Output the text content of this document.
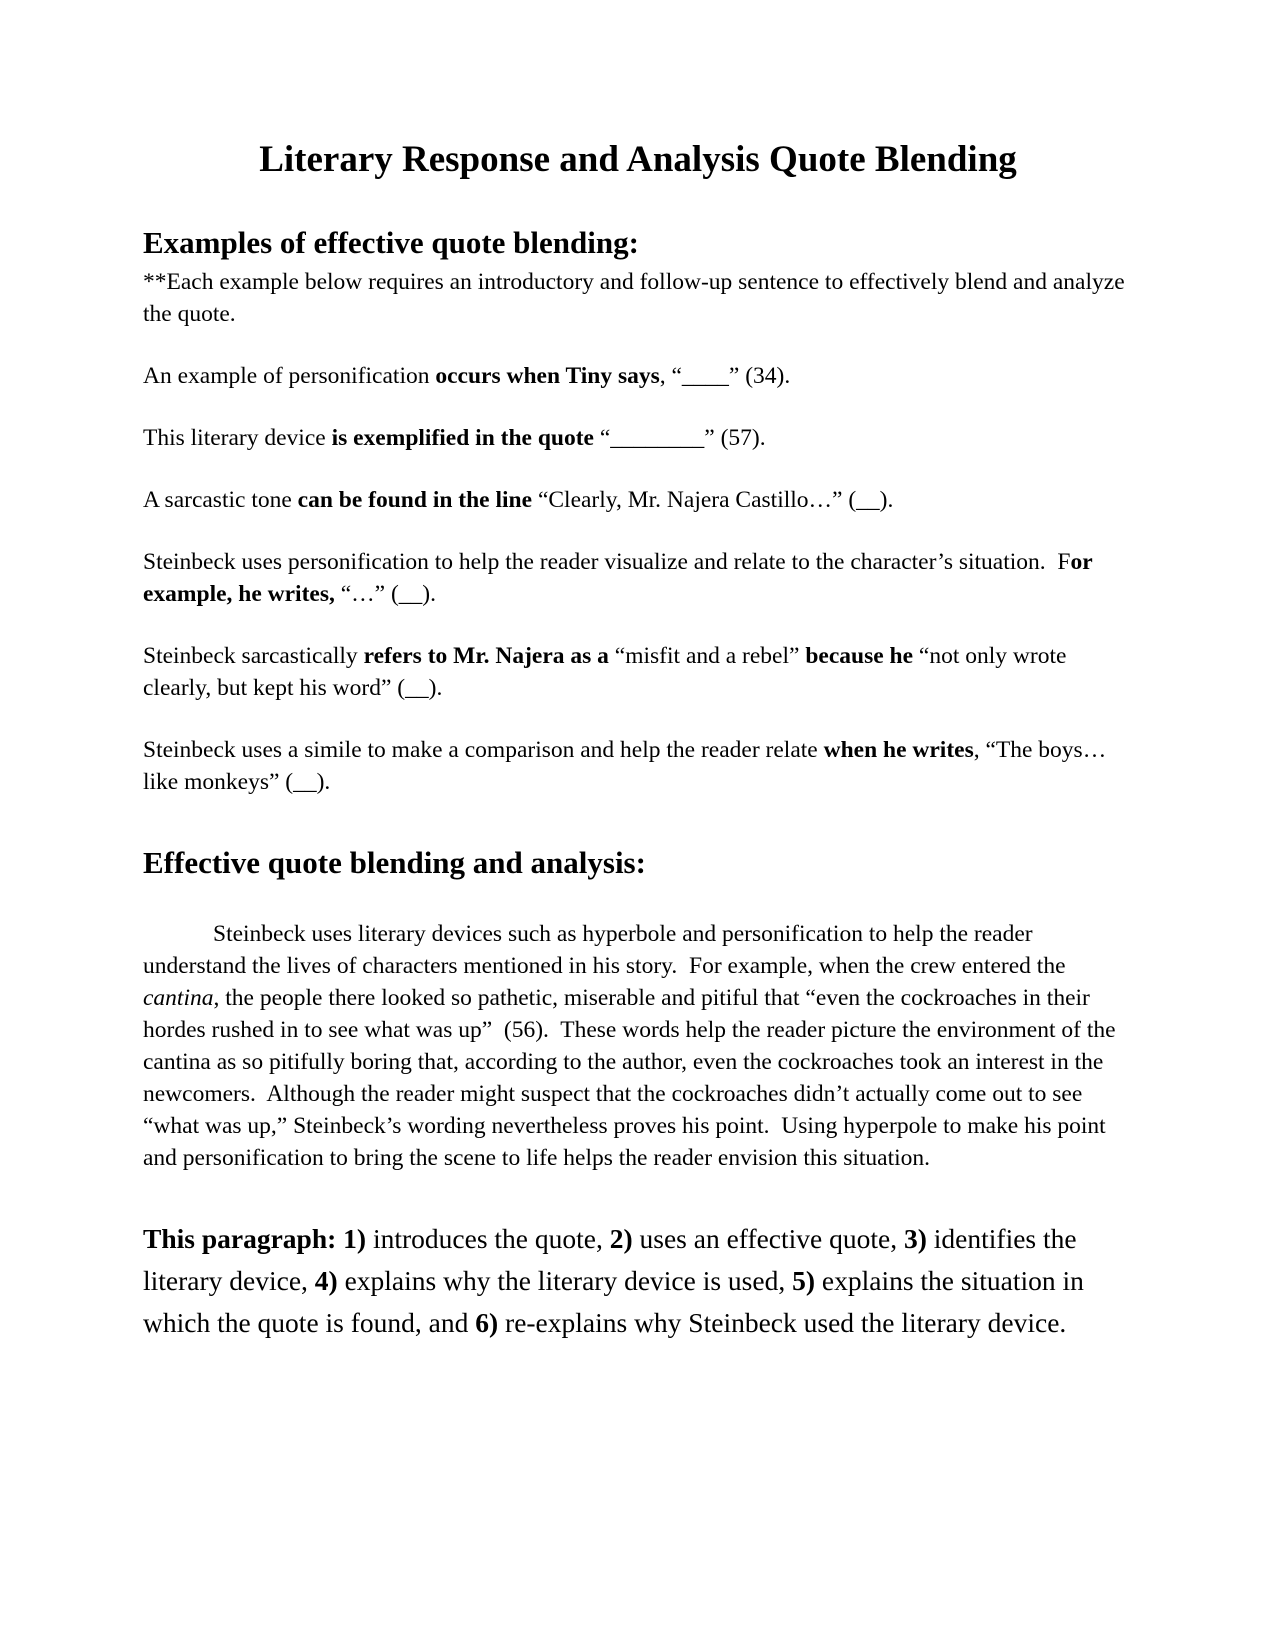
Literary Response and Analysis Quote Blending
Examples of effective quote blending:

**Each example below requires an introductory and follow-up sentence to effectively blend and analyze the quote.

An example of personification occurs when Tiny says, “____” (34).

This literary device is exemplified in the quote “________” (57).

A sarcastic tone can be found in the line “Clearly, Mr. Najera Castillo…” (__).

Steinbeck uses personification to help the reader visualize and relate to the character’s situation.  For example, he writes, “…” (__).

Steinbeck sarcastically refers to Mr. Najera as a “misfit and a rebel” because he “not only wrote clearly, but kept his word” (__).

Steinbeck uses a simile to make a comparison and help the reader relate when he writes, “The boys…like monkeys” (__).

Effective quote blending and analysis:

Steinbeck uses literary devices such as hyperbole and personification to help the reader understand the lives of characters mentioned in his story.  For example, when the crew entered the cantina, the people there looked so pathetic, miserable and pitiful that “even the cockroaches in their hordes rushed in to see what was up”  (56).  These words help the reader picture the environment of the cantina as so pitifully boring that, according to the author, even the cockroaches took an interest in the newcomers.  Although the reader might suspect that the cockroaches didn’t actually come out to see “what was up,” Steinbeck’s wording nevertheless proves his point.  Using hyperpole to make his point and personification to bring the scene to life helps the reader envision this situation.

This paragraph: 1) introduces the quote, 2) uses an effective quote, 3) identifies the literary device, 4) explains why the literary device is used, 5) explains the situation in which the quote is found, and 6) re-explains why Steinbeck used the literary device.
